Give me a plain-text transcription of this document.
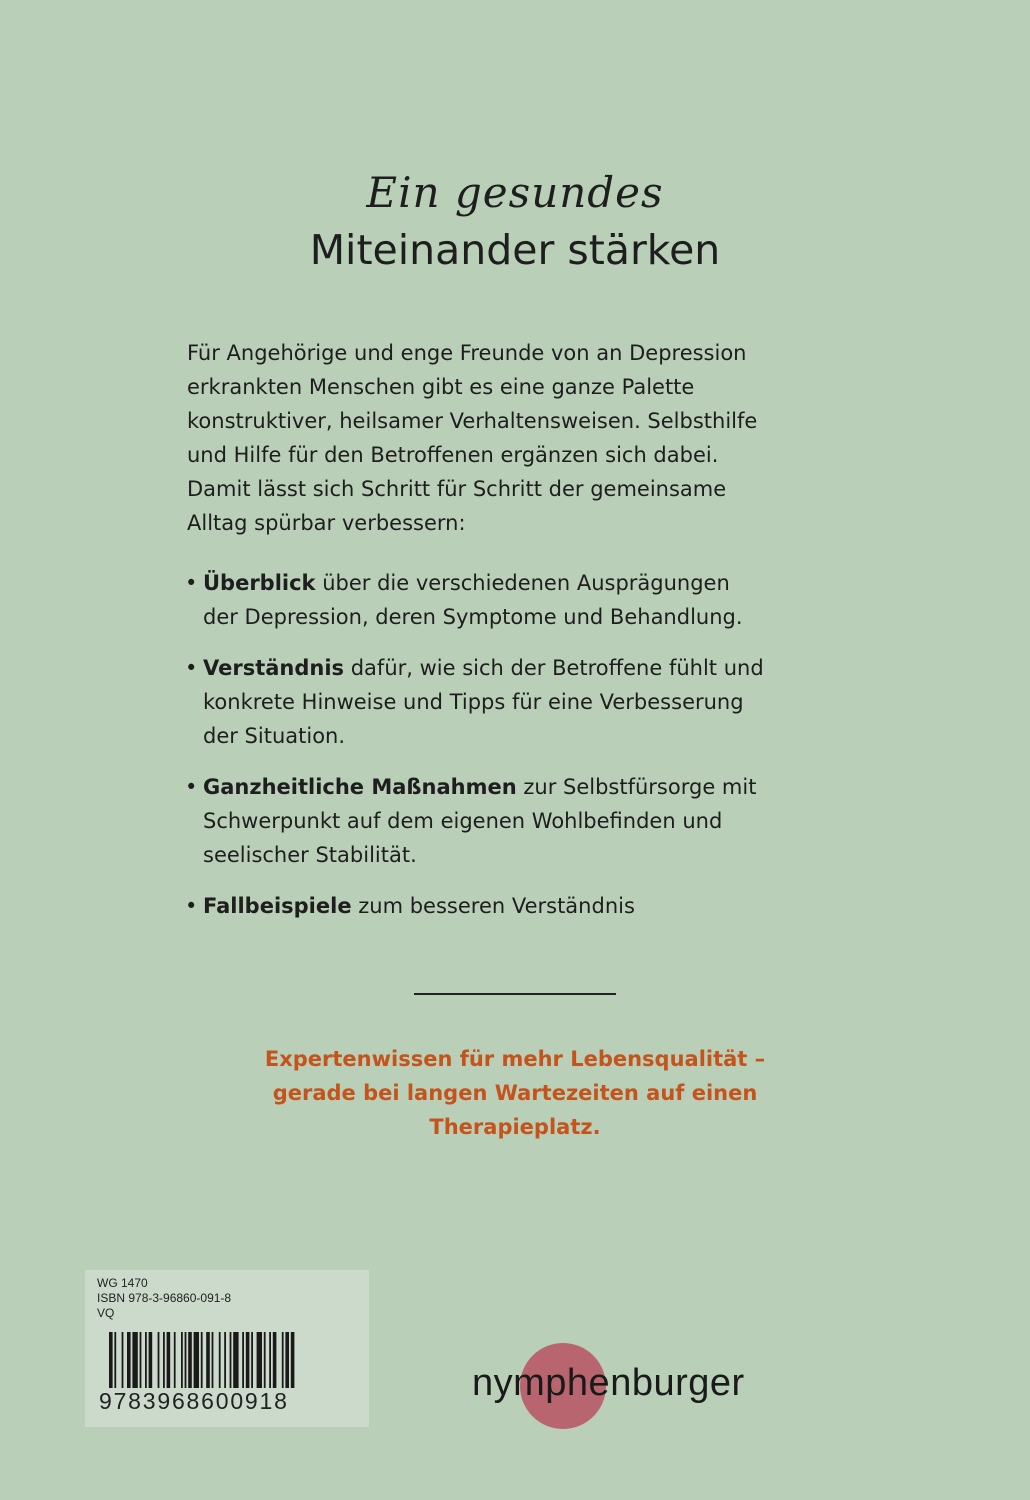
Ein gesundes
Miteinander stärken
Für Angehörige und enge Freunde von an Depression
erkrankten Menschen gibt es eine ganze Palette
konstruktiver, heilsamer Verhaltensweisen. Selbsthilfe
und Hilfe für den Betroffenen ergänzen sich dabei.
Damit lässt sich Schritt für Schritt der gemeinsame
Alltag spürbar verbessern:
• Überblick über die verschiedenen Ausprägungen
der Depression, deren Symptome und Behandlung.
• Verständnis dafür, wie sich der Betroffene fühlt und
konkrete Hinweise und Tipps für eine Verbesserung
der Situation.
• Ganzheitliche Maßnahmen zur Selbstfürsorge mit
Schwerpunkt auf dem eigenen Wohlbefinden und
seelischer Stabilität.
• Fallbeispiele zum besseren Verständnis
Expertenwissen für mehr Lebensqualität –
gerade bei langen Wartezeiten auf einen
Therapieplatz.
WG 1470
ISBN 978-3-96860-091-8
VQ
9783968600918	nymphenburger
